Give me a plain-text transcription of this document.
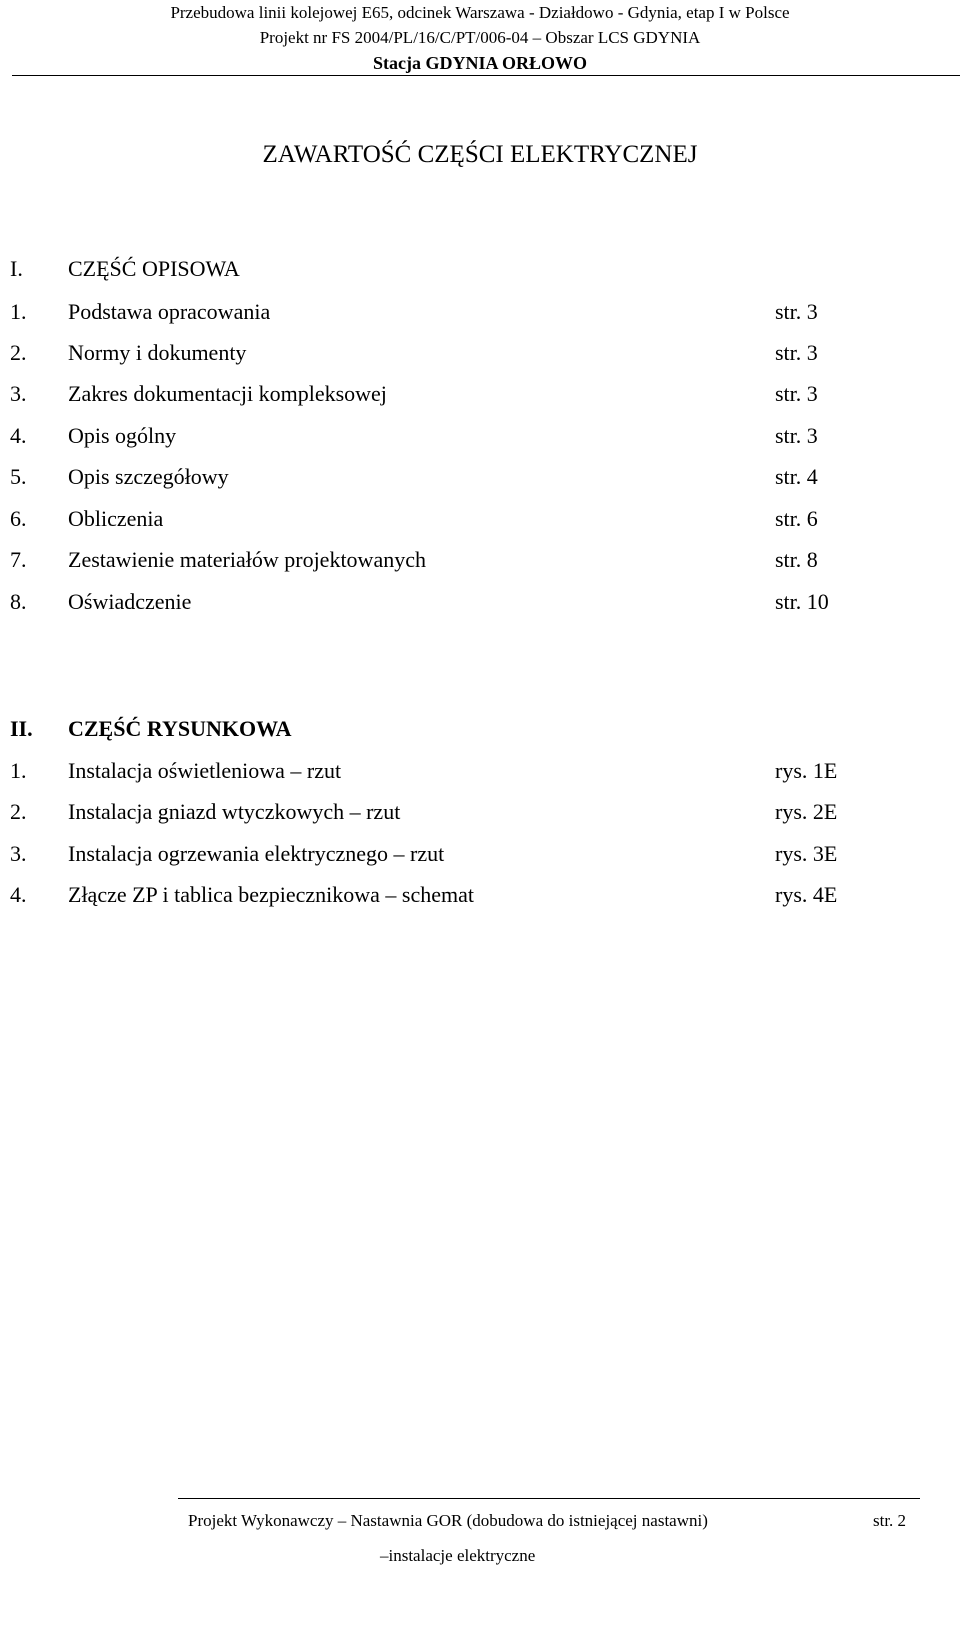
Przebudowa linii kolejowej E65, odcinek Warszawa - Działdowo - Gdynia, etap I w Polsce
Projekt nr FS 2004/PL/16/C/PT/006-04 – Obszar LCS GDYNIA
Stacja GDYNIA ORŁOWO
ZAWARTOŚĆ CZĘŚCI ELEKTRYCZNEJ
I. CZĘŚĆ OPISOWA
1. Podstawa opracowania	str. 3
2. Normy i dokumenty	str. 3
3. Zakres dokumentacji kompleksowej	str. 3
4. Opis ogólny	str. 3
5. Opis szczegółowy	str. 4
6. Obliczenia	str. 6
7. Zestawienie materiałów projektowanych	str. 8
8. Oświadczenie	str. 10
II. CZĘŚĆ RYSUNKOWA
1. Instalacja oświetleniowa – rzut	rys. 1E
2. Instalacja gniazd wtyczkowych – rzut	rys. 2E
3. Instalacja ogrzewania elektrycznego – rzut	rys. 3E
4. Złącze ZP i tablica bezpiecznikowa – schemat	rys. 4E
Projekt Wykonawczy – Nastawnia GOR (dobudowa do istniejącej nastawni)	str. 2
–instalacje elektryczne
